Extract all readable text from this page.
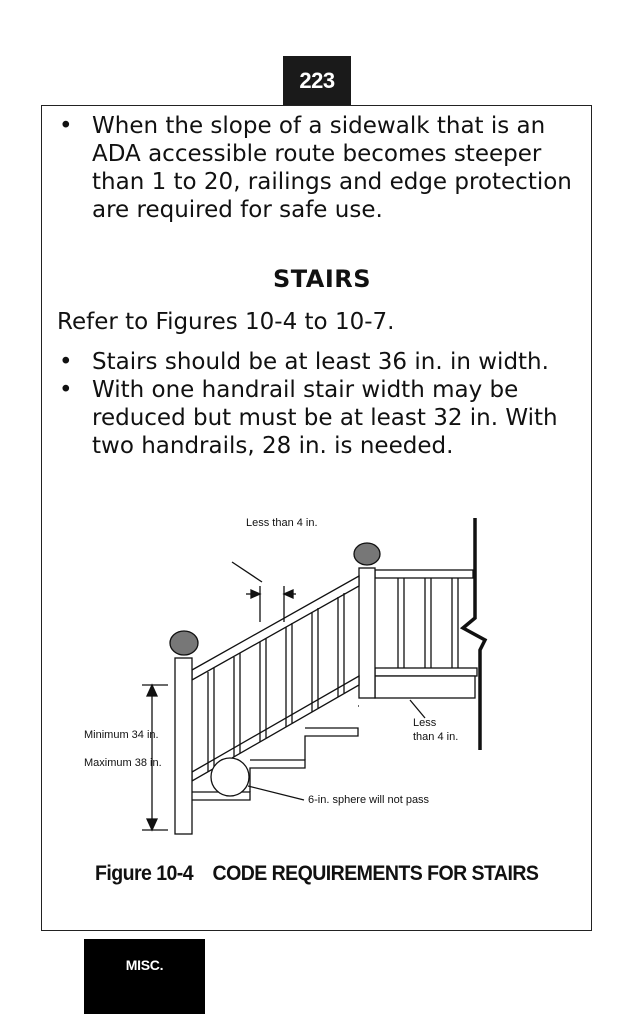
223
• When the slope of a sidewalk that is an ADA accessible route becomes steeper than 1 to 20, railings and edge protection are required for safe use.
STAIRS
Refer to Figures 10-4 to 10-7.
• Stairs should be at least 36 in. in width.
• With one handrail stair width may be reduced but must be at least 32 in. With two handrails, 28 in. is needed.
Less than 4 in.
Less
than 4 in.
Minimum 34 in.
Maximum 38 in.
6-in. sphere will not pass
Figure 10-4 CODE REQUIREMENTS FOR STAIRS
MISC.
